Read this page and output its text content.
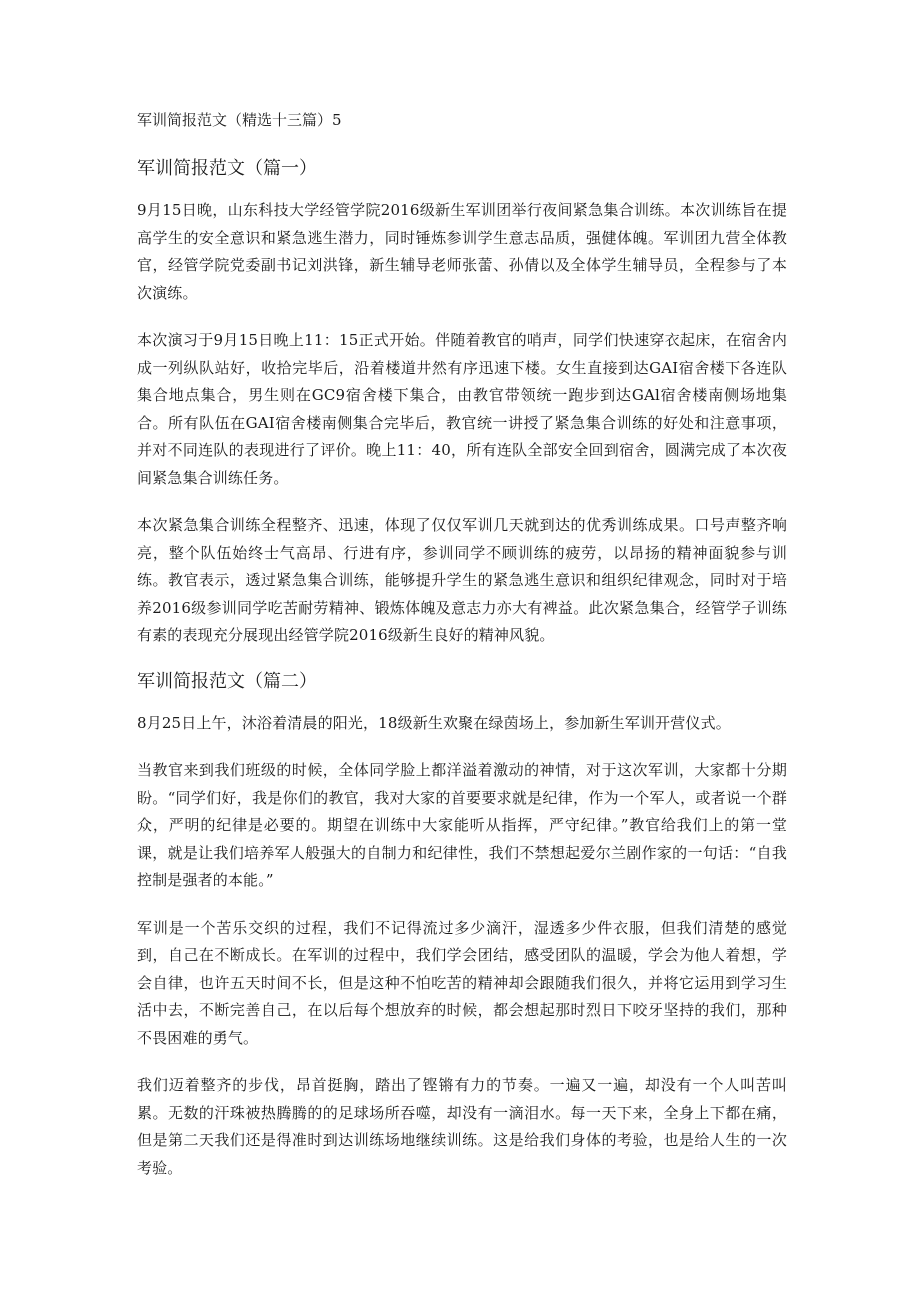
军训简报范文（精选十三篇）5
军训简报范文（篇一）

9月15日晚，山东科技大学经管学院2016级新生军训团举行夜间紧急集合训练。本次训练旨在提高学生的安全意识和紧急逃生潜力，同时锤炼参训学生意志品质，强健体魄。军训团九营全体教官，经管学院党委副书记刘洪锋，新生辅导老师张蕾、孙倩以及全体学生辅导员，全程参与了本次演练。

本次演习于9月15日晚上11：15正式开始。伴随着教官的哨声，同学们快速穿衣起床，在宿舍内成一列纵队站好，收拾完毕后，沿着楼道井然有序迅速下楼。女生直接到达GAI宿舍楼下各连队集合地点集合，男生则在GC9宿舍楼下集合，由教官带领统一跑步到达GAl宿舍楼南侧场地集合。所有队伍在GAI宿舍楼南侧集合完毕后，教官统一讲授了紧急集合训练的好处和注意事项，并对不同连队的表现进行了评价。晚上11：40，所有连队全部安全回到宿舍，圆满完成了本次夜间紧急集合训练任务。

本次紧急集合训练全程整齐、迅速，体现了仅仅军训几天就到达的优秀训练成果。口号声整齐响亮，整个队伍始终士气高昂、行进有序，参训同学不顾训练的疲劳，以昂扬的精神面貌参与训练。教官表示，透过紧急集合训练，能够提升学生的紧急逃生意识和组织纪律观念，同时对于培养2016级参训同学吃苦耐劳精神、锻炼体魄及意志力亦大有裨益。此次紧急集合，经管学子训练有素的表现充分展现出经管学院2016级新生良好的精神风貌。

军训简报范文（篇二）

8月25日上午，沐浴着清晨的阳光，18级新生欢聚在绿茵场上，参加新生军训开营仪式。

当教官来到我们班级的时候，全体同学脸上都洋溢着激动的神情，对于这次军训，大家都十分期盼。“同学们好，我是你们的教官，我对大家的首要要求就是纪律，作为一个军人，或者说一个群众，严明的纪律是必要的。期望在训练中大家能听从指挥，严守纪律。”教官给我们上的第一堂课，就是让我们培养军人般强大的自制力和纪律性，我们不禁想起爱尔兰剧作家的一句话：“自我控制是强者的本能。”

军训是一个苦乐交织的过程，我们不记得流过多少滴汗，湿透多少件衣服，但我们清楚的感觉到，自己在不断成长。在军训的过程中，我们学会团结，感受团队的温暖，学会为他人着想，学会自律，也许五天时间不长，但是这种不怕吃苦的精神却会跟随我们很久，并将它运用到学习生活中去，不断完善自己，在以后每个想放弃的时候，都会想起那时烈日下咬牙坚持的我们，那种不畏困难的勇气。

我们迈着整齐的步伐，昂首挺胸，踏出了铿锵有力的节奏。一遍又一遍，却没有一个人叫苦叫累。无数的汗珠被热腾腾的的足球场所吞噬，却没有一滴泪水。每一天下来，全身上下都在痛，但是第二天我们还是得准时到达训练场地继续训练。这是给我们身体的考验，也是给人生的一次考验。
